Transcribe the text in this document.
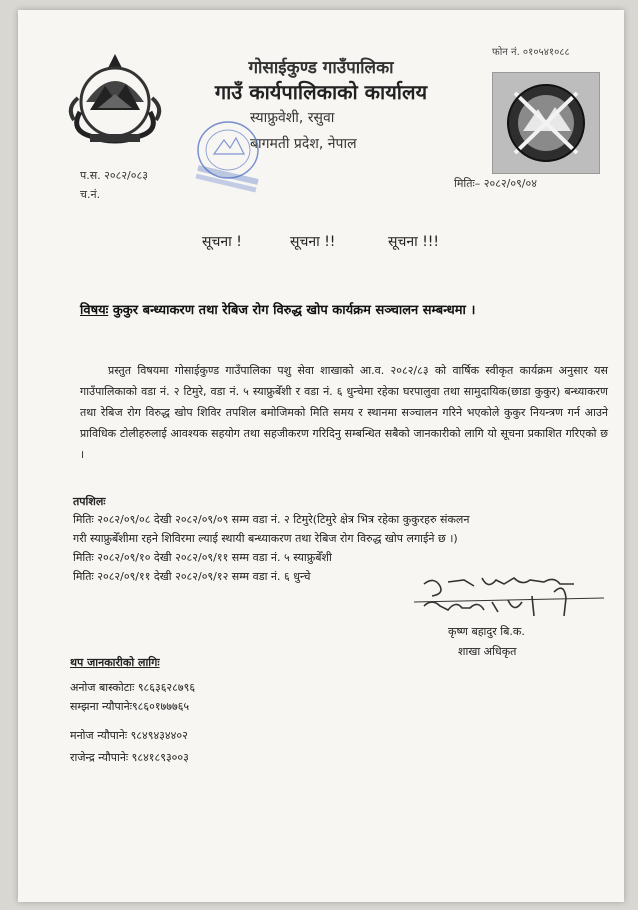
गोसाईकुण्ड गाउँपालिका
गाउँ कार्यपालिकाको कार्यालय
स्याफ्रुवेशी, रसुवा
बागमती प्रदेश, नेपाल
फोन नं. ०१०५४१०८८
प.स. २०८२/०८३
च.नं.
मितिः– २०८२/०९/०४
सूचना !	सूचना !!	सूचना !!!
विषयः कुकुर बन्ध्याकरण तथा रेबिज रोग विरुद्ध खोप कार्यक्रम सञ्चालन सम्बन्धमा ।
प्रस्तुत विषयमा गोसाईकुण्ड गाउँपालिका पशु सेवा शाखाको आ.व. २०८२/८३ को वार्षिक स्वीकृत कार्यक्रम अनुसार यस गाउँपालिकाको वडा नं. २ टिमुरे, वडा नं. ५ स्याफ्रुबेँशी र वडा नं. ६ धुन्चेमा रहेका घरपालुवा तथा सामुदायिक(छाडा कुकुर) बन्ध्याकरण तथा रेबिज रोग विरुद्ध खोप शिविर तपशिल बमोजिमको मिति समय र स्थानमा सञ्चालन गरिने भएकोले कुकुर नियन्त्रण गर्न आउने प्राविधिक टोलीहरुलाई आवश्यक सहयोग तथा सहजीकरण गरिदिनु सम्बन्धित सबैको जानकारीको लागि यो सूचना प्रकाशित गरिएको छ ।
तपशिलः
मितिः २०८२/०९/०८ देखी २०८२/०९/०९ सम्म वडा नं. २ टिमुरे(टिमुरे क्षेत्र भित्र रहेका कुकुरहरु संकलन
गरी स्याफ्रुबेँशीमा रहने शिविरमा ल्याई स्थायी बन्ध्याकरण तथा रेबिज रोग विरुद्ध खोप लगाईने छ ।)
मितिः २०८२/०९/१० देखी २०८२/०९/११ सम्म वडा नं. ५ स्याफ्रुबेँशी
मितिः २०८२/०९/११ देखी २०८२/०९/१२ सम्म वडा नं. ६ धुन्चे
कृष्ण बहादुर बि.क.
शाखा अधिकृत
थप जानकारीको लागिः
अनोज बास्कोटाः ९८६३६२८७९६
सम्झना न्यौपानेः९८६०१७७७६५
मनोज न्यौपानेः ९८४९४३४४०२
राजेन्द्र न्यौपानेः ९८४१८९३००३
